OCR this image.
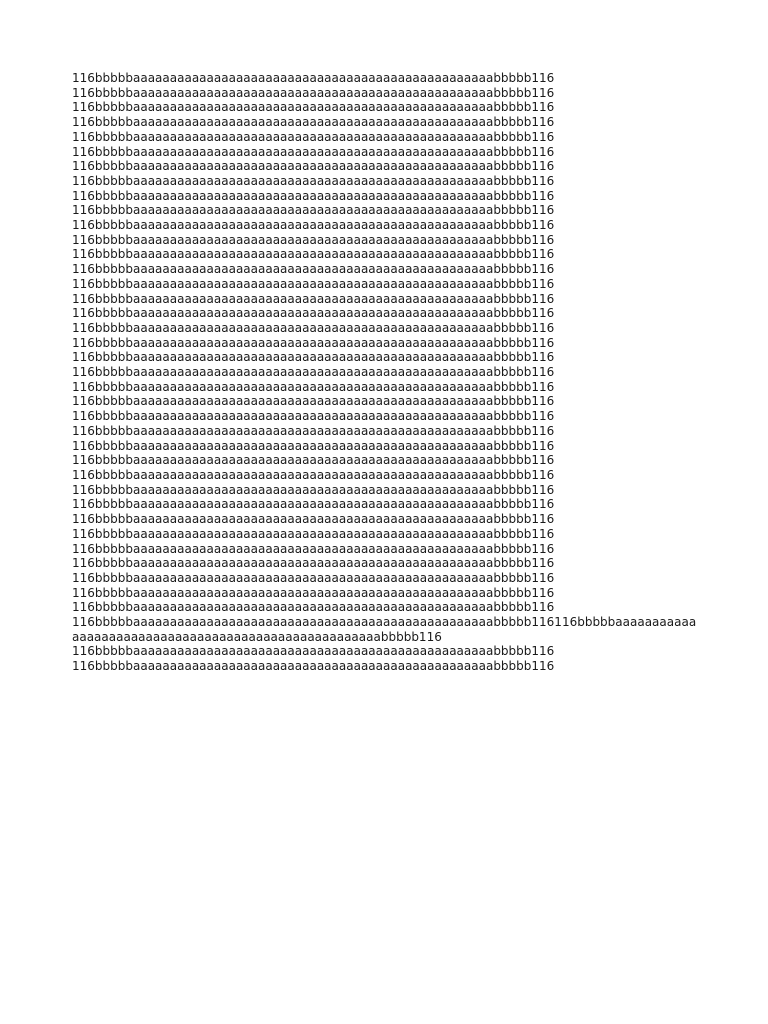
116bbbbbaaaaaaaaaaaaaaaaaaaaaaaaaaaaaaaaaaaaaaaaaaaaaaaaabbbbb116
116bbbbbaaaaaaaaaaaaaaaaaaaaaaaaaaaaaaaaaaaaaaaaaaaaaaaaabbbbb116
116bbbbbaaaaaaaaaaaaaaaaaaaaaaaaaaaaaaaaaaaaaaaaaaaaaaaaabbbbb116
116bbbbbaaaaaaaaaaaaaaaaaaaaaaaaaaaaaaaaaaaaaaaaaaaaaaaaabbbbb116
116bbbbbaaaaaaaaaaaaaaaaaaaaaaaaaaaaaaaaaaaaaaaaaaaaaaaaabbbbb116
116bbbbbaaaaaaaaaaaaaaaaaaaaaaaaaaaaaaaaaaaaaaaaaaaaaaaaabbbbb116
116bbbbbaaaaaaaaaaaaaaaaaaaaaaaaaaaaaaaaaaaaaaaaaaaaaaaaabbbbb116
116bbbbbaaaaaaaaaaaaaaaaaaaaaaaaaaaaaaaaaaaaaaaaaaaaaaaaabbbbb116
116bbbbbaaaaaaaaaaaaaaaaaaaaaaaaaaaaaaaaaaaaaaaaaaaaaaaaabbbbb116
116bbbbbaaaaaaaaaaaaaaaaaaaaaaaaaaaaaaaaaaaaaaaaaaaaaaaaabbbbb116
116bbbbbaaaaaaaaaaaaaaaaaaaaaaaaaaaaaaaaaaaaaaaaaaaaaaaaabbbbb116
116bbbbbaaaaaaaaaaaaaaaaaaaaaaaaaaaaaaaaaaaaaaaaaaaaaaaaabbbbb116
116bbbbbaaaaaaaaaaaaaaaaaaaaaaaaaaaaaaaaaaaaaaaaaaaaaaaaabbbbb116
116bbbbbaaaaaaaaaaaaaaaaaaaaaaaaaaaaaaaaaaaaaaaaaaaaaaaaabbbbb116
116bbbbbaaaaaaaaaaaaaaaaaaaaaaaaaaaaaaaaaaaaaaaaaaaaaaaaabbbbb116
116bbbbbaaaaaaaaaaaaaaaaaaaaaaaaaaaaaaaaaaaaaaaaaaaaaaaaabbbbb116
116bbbbbaaaaaaaaaaaaaaaaaaaaaaaaaaaaaaaaaaaaaaaaaaaaaaaaabbbbb116
116bbbbbaaaaaaaaaaaaaaaaaaaaaaaaaaaaaaaaaaaaaaaaaaaaaaaaabbbbb116
116bbbbbaaaaaaaaaaaaaaaaaaaaaaaaaaaaaaaaaaaaaaaaaaaaaaaaabbbbb116
116bbbbbaaaaaaaaaaaaaaaaaaaaaaaaaaaaaaaaaaaaaaaaaaaaaaaaabbbbb116
116bbbbbaaaaaaaaaaaaaaaaaaaaaaaaaaaaaaaaaaaaaaaaaaaaaaaaabbbbb116
116bbbbbaaaaaaaaaaaaaaaaaaaaaaaaaaaaaaaaaaaaaaaaaaaaaaaaabbbbb116
116bbbbbaaaaaaaaaaaaaaaaaaaaaaaaaaaaaaaaaaaaaaaaaaaaaaaaabbbbb116
116bbbbbaaaaaaaaaaaaaaaaaaaaaaaaaaaaaaaaaaaaaaaaaaaaaaaaabbbbb116
116bbbbbaaaaaaaaaaaaaaaaaaaaaaaaaaaaaaaaaaaaaaaaaaaaaaaaabbbbb116
116bbbbbaaaaaaaaaaaaaaaaaaaaaaaaaaaaaaaaaaaaaaaaaaaaaaaaabbbbb116
116bbbbbaaaaaaaaaaaaaaaaaaaaaaaaaaaaaaaaaaaaaaaaaaaaaaaaabbbbb116
116bbbbbaaaaaaaaaaaaaaaaaaaaaaaaaaaaaaaaaaaaaaaaaaaaaaaaabbbbb116
116bbbbbaaaaaaaaaaaaaaaaaaaaaaaaaaaaaaaaaaaaaaaaaaaaaaaaabbbbb116
116bbbbbaaaaaaaaaaaaaaaaaaaaaaaaaaaaaaaaaaaaaaaaaaaaaaaaabbbbb116
116bbbbbaaaaaaaaaaaaaaaaaaaaaaaaaaaaaaaaaaaaaaaaaaaaaaaaabbbbb116
116bbbbbaaaaaaaaaaaaaaaaaaaaaaaaaaaaaaaaaaaaaaaaaaaaaaaaabbbbb116
116bbbbbaaaaaaaaaaaaaaaaaaaaaaaaaaaaaaaaaaaaaaaaaaaaaaaaabbbbb116
116bbbbbaaaaaaaaaaaaaaaaaaaaaaaaaaaaaaaaaaaaaaaaaaaaaaaaabbbbb116
116bbbbbaaaaaaaaaaaaaaaaaaaaaaaaaaaaaaaaaaaaaaaaaaaaaaaaabbbbb116
116bbbbbaaaaaaaaaaaaaaaaaaaaaaaaaaaaaaaaaaaaaaaaaaaaaaaaabbbbb116
116bbbbbaaaaaaaaaaaaaaaaaaaaaaaaaaaaaaaaaaaaaaaaaaaaaaaaabbbbb116
116bbbbbaaaaaaaaaaaaaaaaaaaaaaaaaaaaaaaaaaaaaaaaaaaaaaaaabbbbb116116bbbbbaaaaaaaaaaaaaaaaaaaaaaaaaaaaaaaaaaaaaaaaaaaaaaaaaaaaabbbbb116
116bbbbbaaaaaaaaaaaaaaaaaaaaaaaaaaaaaaaaaaaaaaaaaaaaaaaaabbbbb116
116bbbbbaaaaaaaaaaaaaaaaaaaaaaaaaaaaaaaaaaaaaaaaaaaaaaaaabbbbb116
